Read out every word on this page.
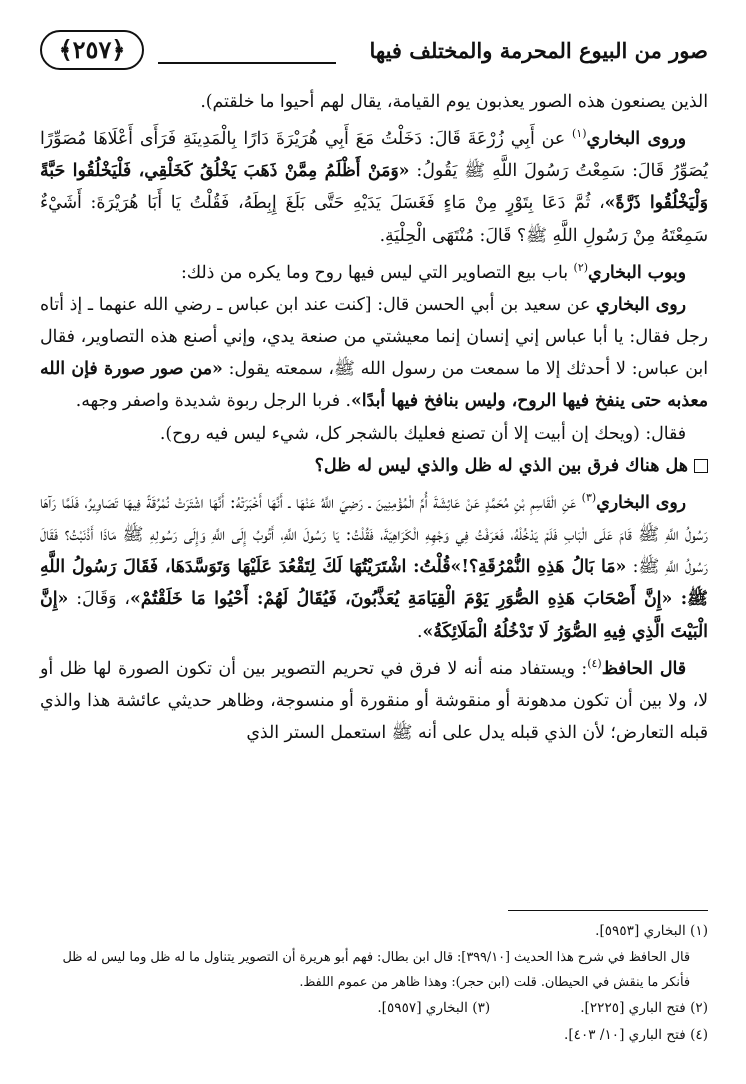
صور من البيوع المحرمة والمختلف فيها
﴿٢٥٧﴾

الذين يصنعون هذه الصور يعذبون يوم القيامة، يقال لهم أحيوا ما خلقتم).

وروى البخاري$^{(١)}$ عن أَبِي زُرْعَةَ قَالَ: دَخَلْتُ مَعَ أَبِي هُرَيْرَةَ دَارًا بِالْمَدِينَةِ فَرَأَى أَعْلَاهَا مُصَوِّرًا يُصَوِّرُ قَالَ: سَمِعْتُ رَسُولَ اللَّهِ ﷺ يَقُولُ: «وَمَنْ أَظْلَمُ مِمَّنْ ذَهَبَ يَخْلُقُ كَخَلْقِي، فَلْيَخْلُقُوا حَبَّةً وَلْيَخْلُقُوا ذَرَّةً»، ثُمَّ دَعَا بِتَوْرٍ مِنْ مَاءٍ فَغَسَلَ يَدَيْهِ حَتَّى بَلَغَ إِبِطَهُ، فَقُلْتُ يَا أَبَا هُرَيْرَةَ: أَشَيْءٌ سَمِعْتَهُ مِنْ رَسُولِ اللَّهِ ﷺ؟ قَالَ: مُنْتَهَى الْحِلْيَةِ.

وبوب البخاري$^{(٢)}$ باب بيع التصاوير التي ليس فيها روح وما يكره من ذلك:

روى البخاري عن سعيد بن أبي الحسن قال: [كنت عند ابن عباس ـ رضي الله عنهما ـ إذ أتاه رجل فقال: يا أبا عباس إني إنسان إنما معيشتي من صنعة يدي، وإني أصنع هذه التصاوير، فقال ابن عباس: لا أحدثك إلا ما سمعت من رسول الله ﷺ، سمعته يقول: «من صور صورة فإن الله معذبه حتى ينفخ فيها الروح، وليس بنافخ فيها أبدًا». فربا الرجل ربوة شديدة واصفر وجهه.

فقال: (ويحك إن أبيت إلا أن تصنع فعليك بالشجر كل، شيء ليس فيه روح).

هل هناك فرق بين الذي له ظل والذي ليس له ظل؟

روى البخاري$^{(٣)}$ عَنِ الْقَاسِمِ بْنِ مُحَمَّدٍ عَنْ عَائِشَةَ أُمِّ الْمُؤْمِنِينَ ـ رَضِيَ اللَّهُ عَنْهَا ـ أَنَّهَا أَخْبَرَتْهُ: أَنَّهَا اشْتَرَتْ نُمْرُقَةً فِيهَا تَصَاوِيرُ، فَلَمَّا رَآهَا رَسُولُ اللَّهِ ﷺ قَامَ عَلَى الْبَابِ فَلَمْ يَدْخُلْهُ، فَعَرَفْتُ فِي وَجْهِهِ الْكَرَاهِيَةَ، فَقُلْتُ: يَا رَسُولَ اللَّهِ، أَتُوبُ إِلَى اللَّهِ وَإِلَى رَسُولِهِ ﷺ مَاذَا أَذْنَبْتُ؟ فَقَالَ رَسُولُ اللَّهِ ﷺ: «مَا بَالُ هَذِهِ النُّمْرُقَةِ؟!»قُلْتُ: اشْتَرَيْتُهَا لَكَ لِتَقْعُدَ عَلَيْهَا وَتَوَسَّدَهَا، فَقَالَ رَسُولُ اللَّهِ ﷺ: «إِنَّ أَصْحَابَ هَذِهِ الصُّوَرِ يَوْمَ الْقِيَامَةِ يُعَذَّبُونَ، فَيُقَالُ لَهُمْ: أَحْيُوا مَا خَلَقْتُمْ»، وَقَالَ: «إِنَّ الْبَيْتَ الَّذِي فِيهِ الصُّوَرُ لَا تَدْخُلُهُ الْمَلَائِكَةُ».

قال الحافظ$^{(٤)}$: ويستفاد منه أنه لا فرق في تحريم التصوير بين أن تكون الصورة لها ظل أو لا، ولا بين أن تكون مدهونة أو منقوشة أو منقورة أو منسوجة، وظاهر حديثي عائشة هذا والذي قبله التعارض؛ لأن الذي قبله يدل على أنه ﷺ استعمل الستر الذي

(١) البخاري [٥٩٥٣].

قال الحافظ في شرح هذا الحديث [٣٩٩/١٠]: قال ابن بطال: فهم أبو هريرة أن التصوير يتناول ما له ظل وما ليس له ظل فأنكر ما ينقش في الحيطان. قلت (ابن حجر): وهذا ظاهر من عموم اللفظ.

(٢) فتح الباري [٢٢٢٥].
(٣) البخاري [٥٩٥٧].

(٤) فتح الباري [١٠/ ٤٠٣].
